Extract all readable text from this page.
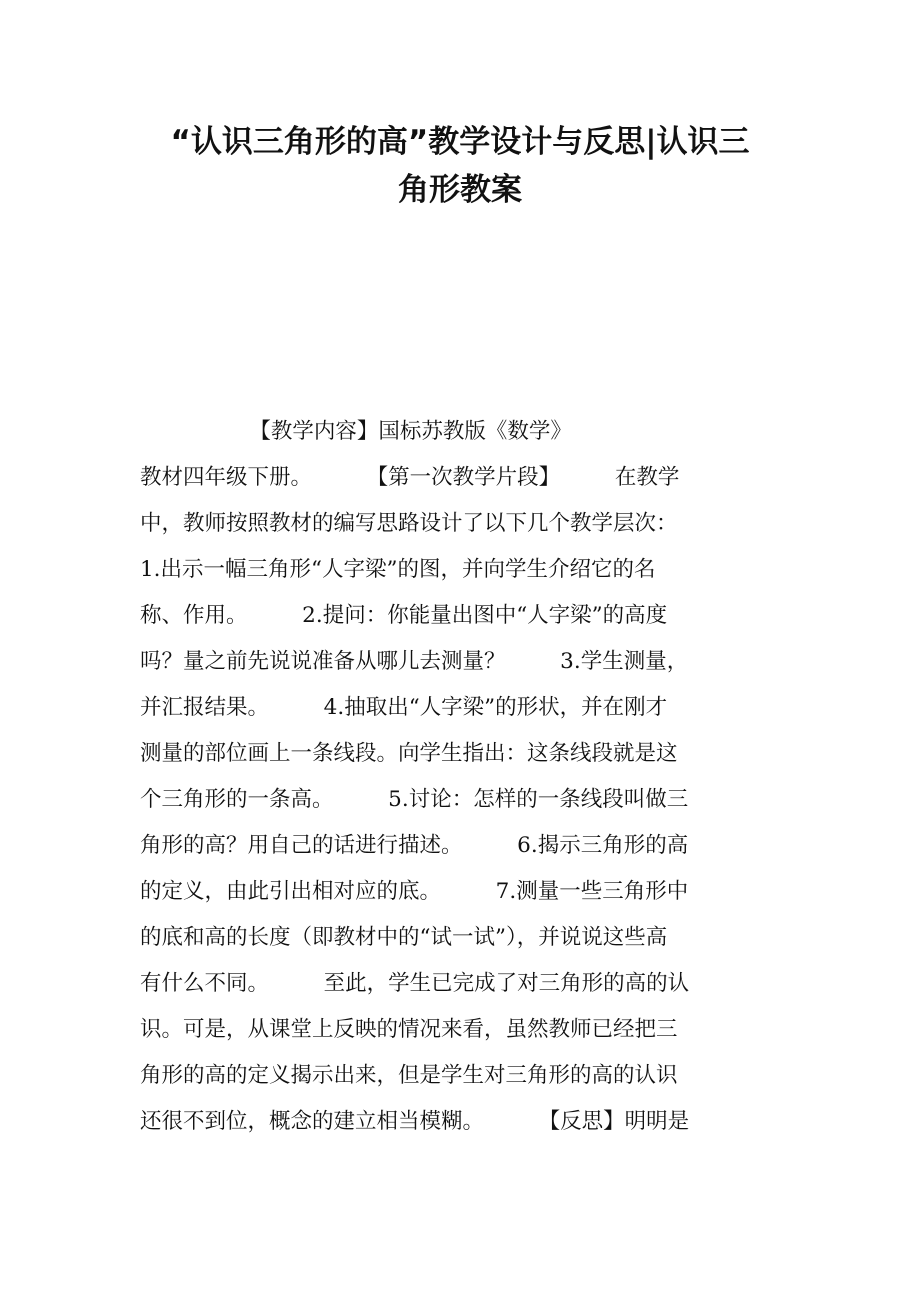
“认识三角形的高”教学设计与反思|认识三
角形教案

【教学内容】国标苏教版《数学》

教材四年级下册。        【第一次教学片段】        在教学

中，教师按照教材的编写思路设计了以下几个教学层次：

1.出示一幅三角形“人字梁”的图，并向学生介绍它的名

称、作用。        2.提问：你能量出图中“人字梁”的高度

吗？量之前先说说准备从哪儿去测量？        3.学生测量，

并汇报结果。        4.抽取出“人字梁”的形状，并在刚才

测量的部位画上一条线段。向学生指出：这条线段就是这

个三角形的一条高。        5.讨论：怎样的一条线段叫做三

角形的高？用自己的话进行描述。        6.揭示三角形的高

的定义，由此引出相对应的底。        7.测量一些三角形中

的底和高的长度（即教材中的“试一试”），并说说这些高

有什么不同。        至此，学生已完成了对三角形的高的认

识。可是，从课堂上反映的情况来看，虽然教师已经把三

角形的高的定义揭示出来，但是学生对三角形的高的认识

还很不到位，概念的建立相当模糊。        【反思】明明是
